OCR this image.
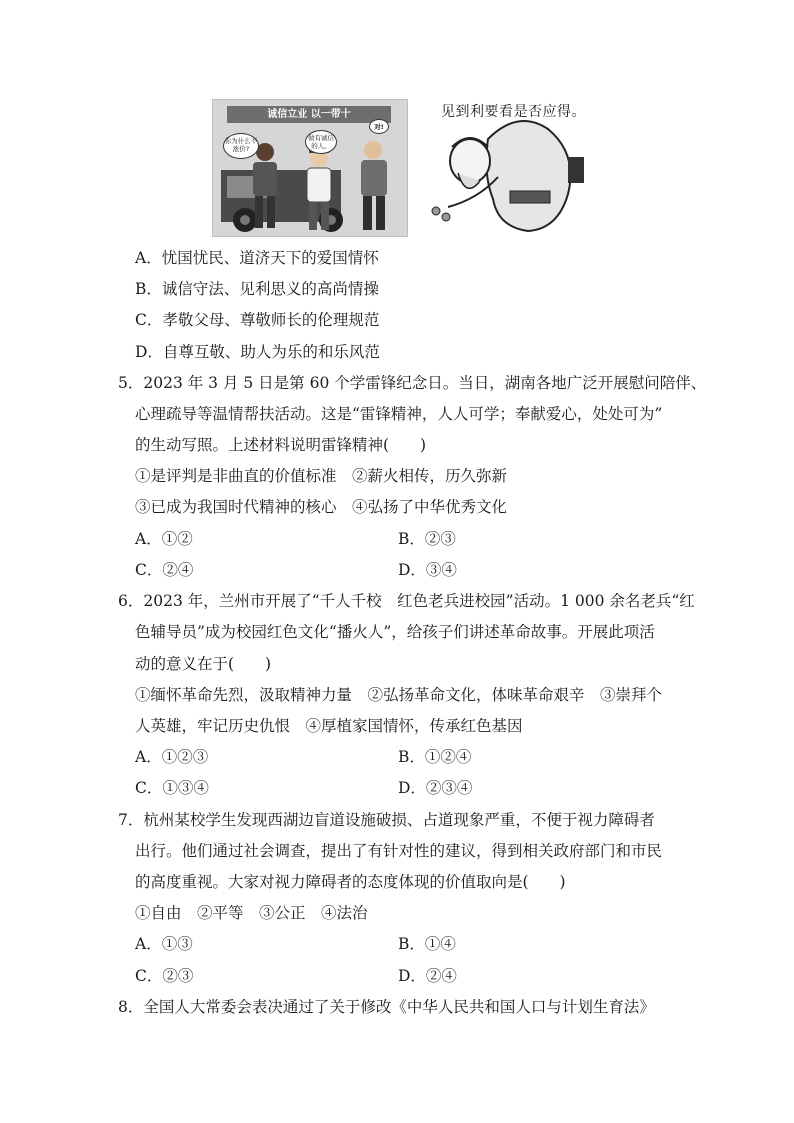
诚信立业 以一带十
你为什么不涨价?
做有诚信的人。
对!
见到利要看是否应得。
A．忧国忧民、道济天下的爱国情怀
B．诚信守法、见利思义的高尚情操
C．孝敬父母、尊敬师长的伦理规范
D．自尊互敬、助人为乐的和乐风范
5．2023 年 3 月 5 日是第 60 个学雷锋纪念日。当日，湖南各地广泛开展慰问陪伴、
心理疏导等温情帮扶活动。这是“雷锋精神，人人可学；奉献爱心，处处可为”
的生动写照。上述材料说明雷锋精神(　　)
①是评判是非曲直的价值标准　②薪火相传，历久弥新
③已成为我国时代精神的核心　④弘扬了中华优秀文化
A．①②	B．②③
C．②④	D．③④
6．2023 年，兰州市开展了“千人千校　红色老兵进校园”活动。1 000 余名老兵“红
色辅导员”成为校园红色文化“播火人”，给孩子们讲述革命故事。开展此项活
动的意义在于(　　)
①缅怀革命先烈，汲取精神力量　②弘扬革命文化，体味革命艰辛　③崇拜个
人英雄，牢记历史仇恨　④厚植家国情怀，传承红色基因
A．①②③	B．①②④
C．①③④	D．②③④
7．杭州某校学生发现西湖边盲道设施破损、占道现象严重，不便于视力障碍者
出行。他们通过社会调查，提出了有针对性的建议，得到相关政府部门和市民
的高度重视。大家对视力障碍者的态度体现的价值取向是(　　)
①自由　②平等　③公正　④法治
A．①③	B．①④
C．②③	D．②④
8．全国人大常委会表决通过了关于修改《中华人民共和国人口与计划生育法》
